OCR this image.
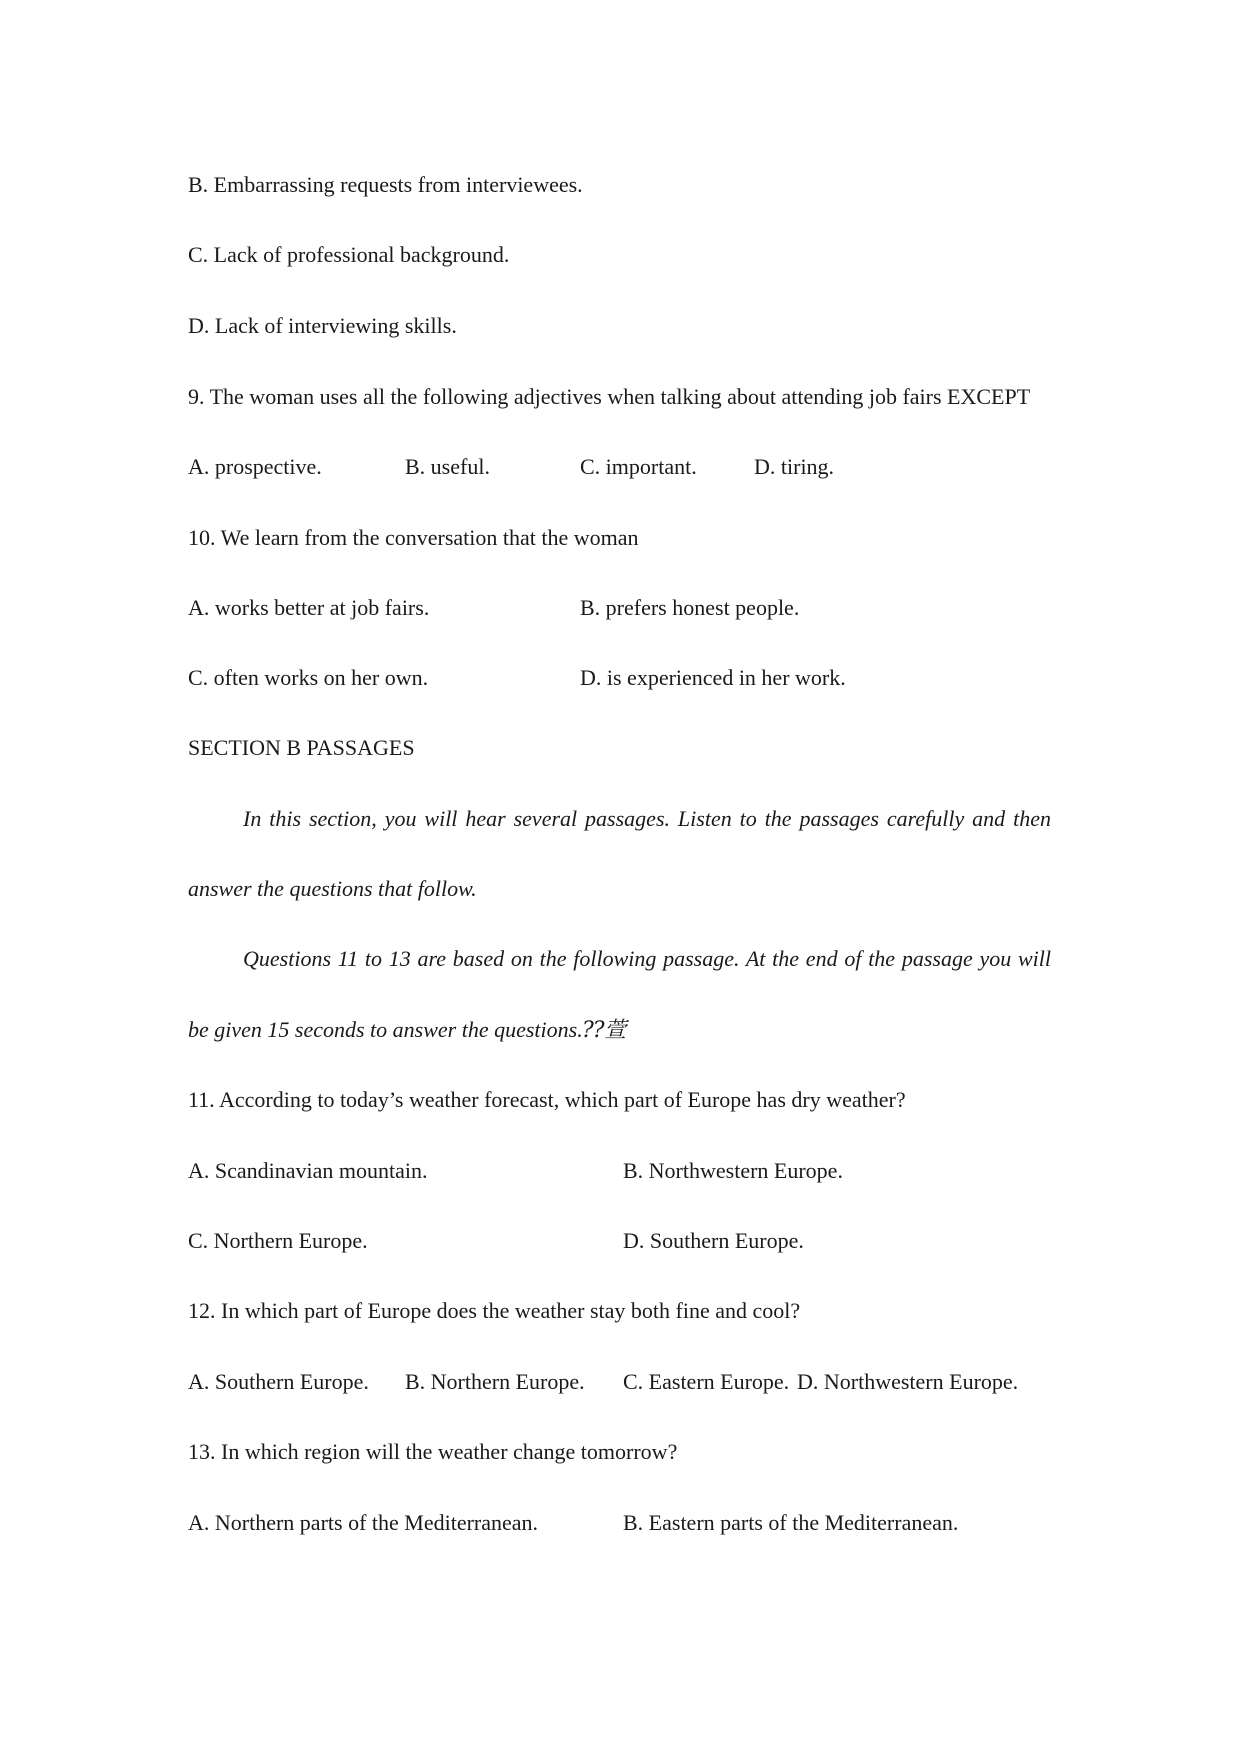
B. Embarrassing requests from interviewees.
C. Lack of professional background.
D. Lack of interviewing skills.
9. The woman uses all the following adjectives when talking about attending job fairs EXCEPT
A. prospective.	B. useful.	C. important.	D. tiring.
10. We learn from the conversation that the woman
A. works better at job fairs.	B. prefers honest people.
C. often works on her own.	D. is experienced in her work.
SECTION B PASSAGES
In this section, you will hear several passages. Listen to the passages carefully and then
answer the questions that follow.
Questions 11 to 13 are based on the following passage. At the end of the passage you will
be given 15 seconds to answer the questions.⁇萱
11. According to today’s weather forecast, which part of Europe has dry weather?
A. Scandinavian mountain.	B. Northwestern Europe.
C. Northern Europe.	D. Southern Europe.
12. In which part of Europe does the weather stay both fine and cool?
A. Southern Europe. B. Northern Europe. C. Eastern Europe. D. Northwestern Europe.
13. In which region will the weather change tomorrow?
A. Northern parts of the Mediterranean.	B. Eastern parts of the Mediterranean.
